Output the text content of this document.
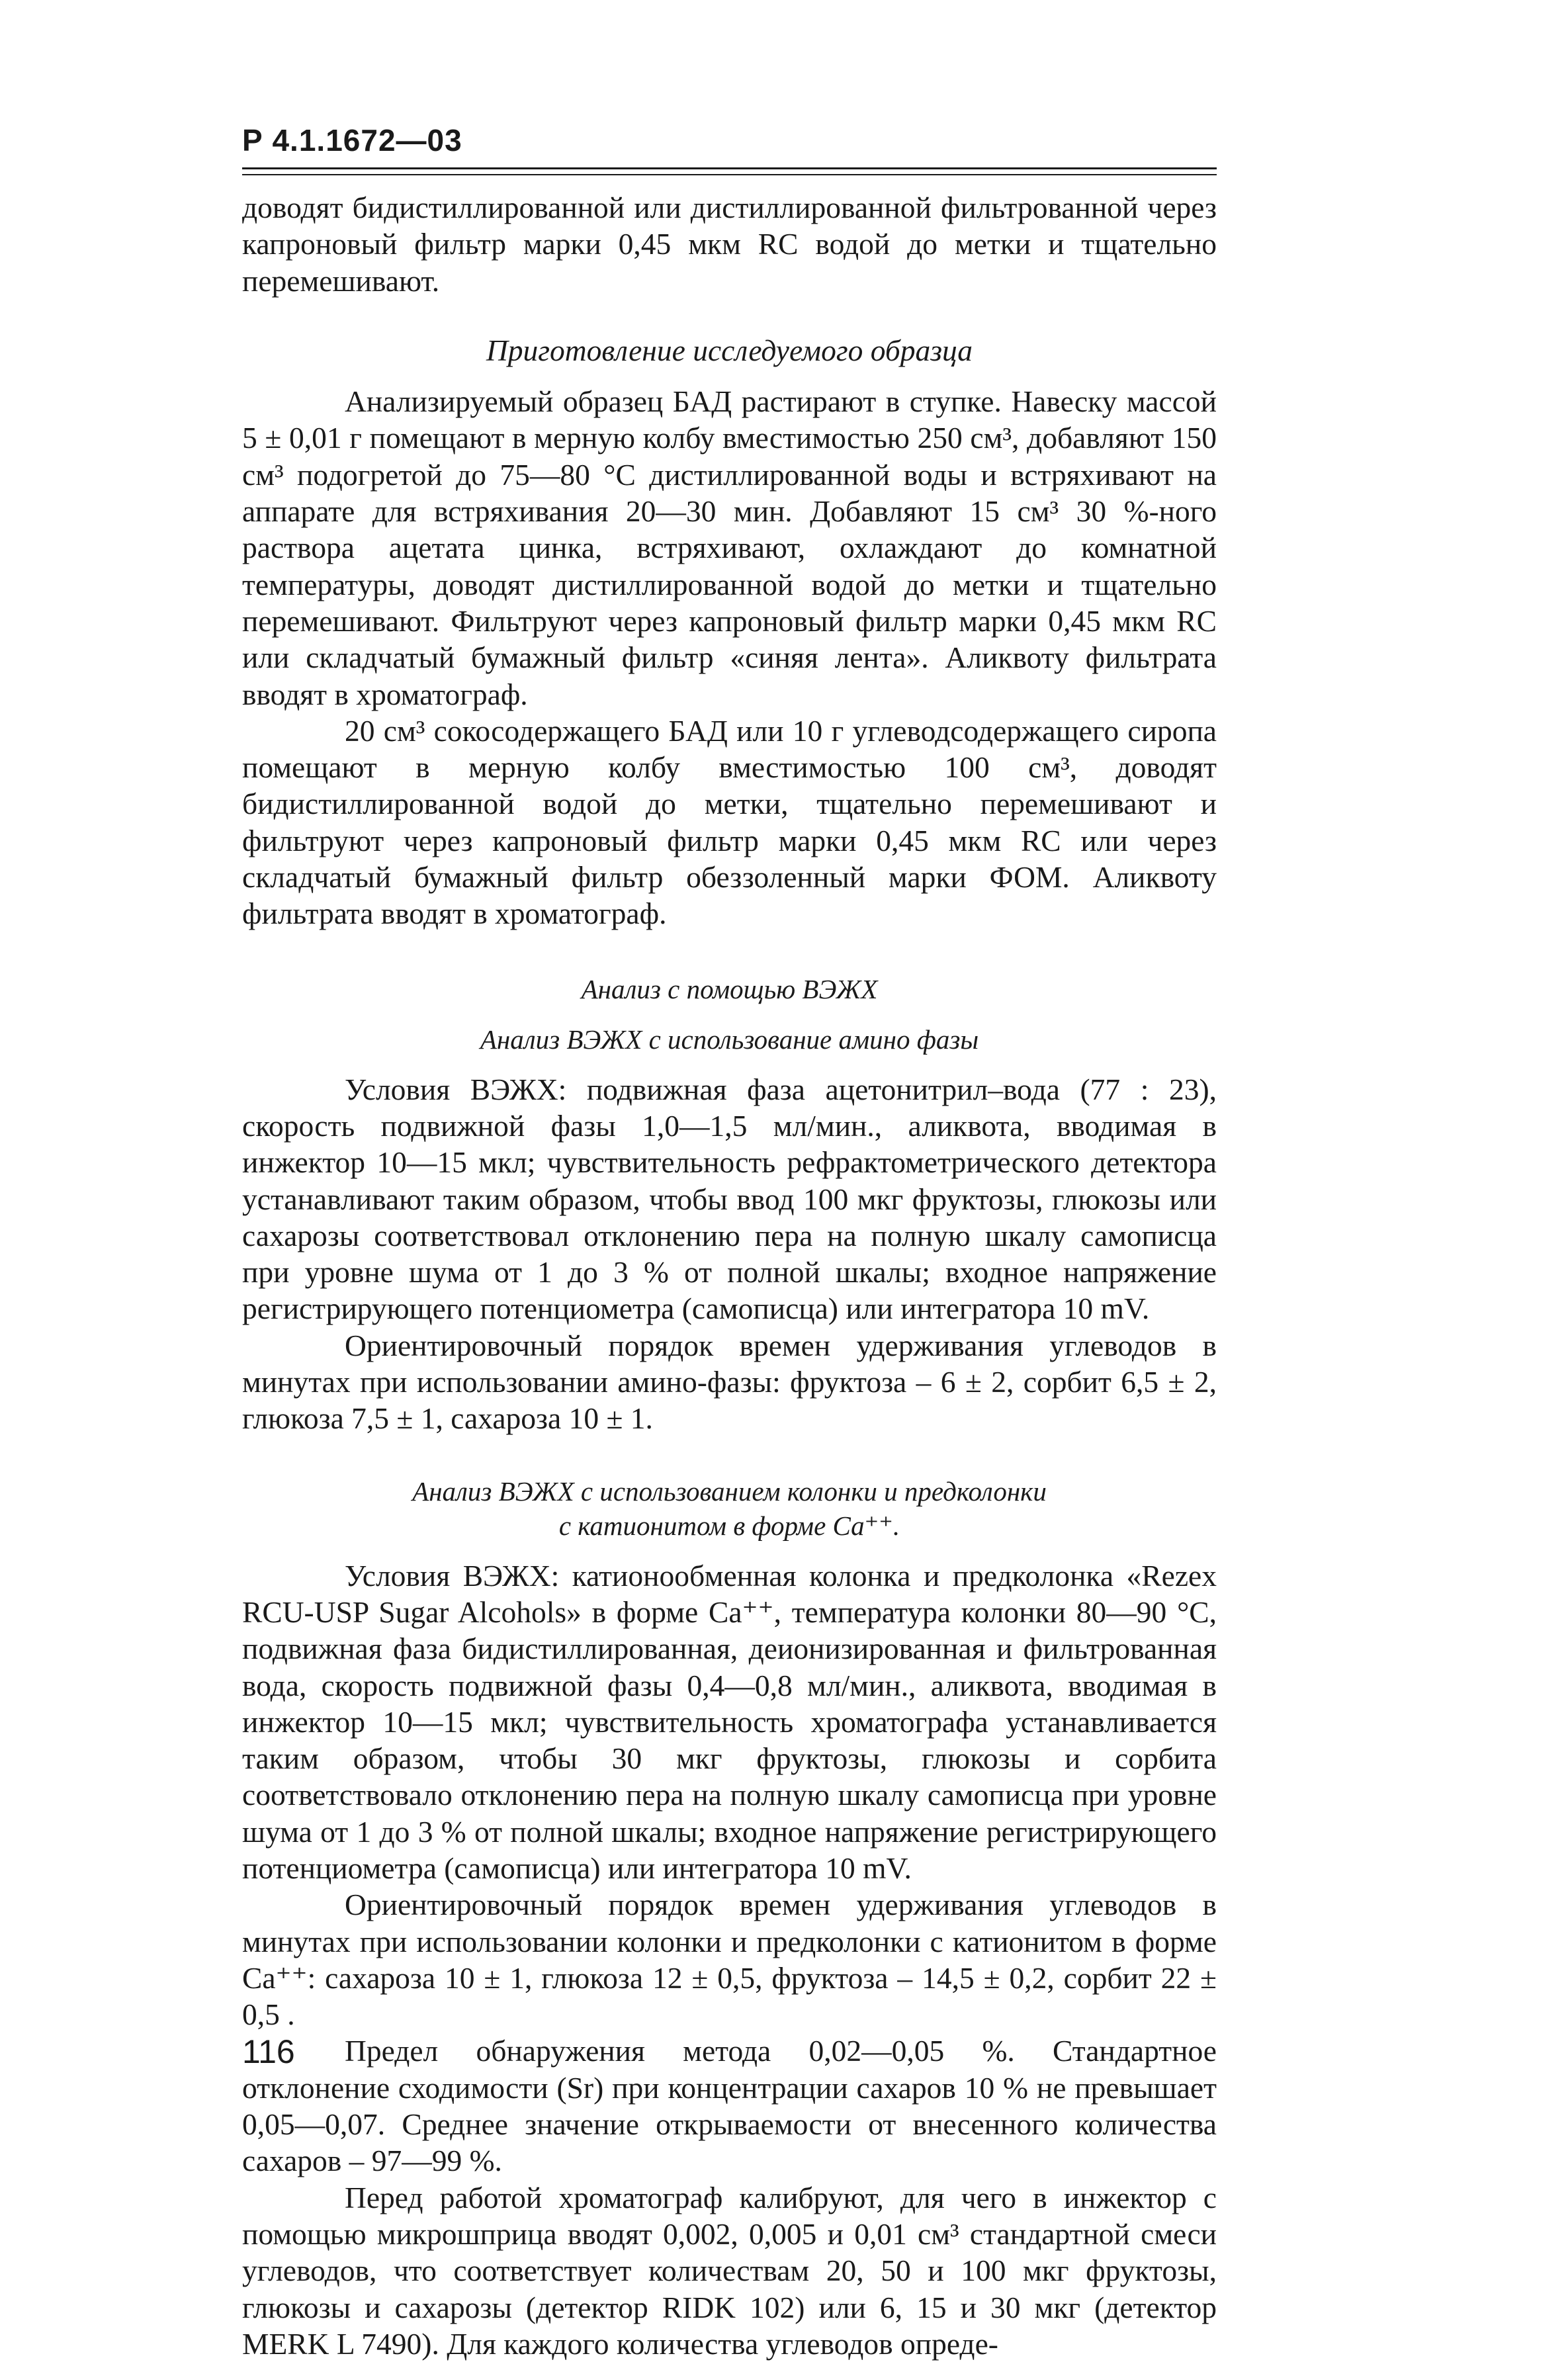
Р 4.1.1672—03

доводят бидистиллированной или дистиллированной фильтрованной через капроновый фильтр марки 0,45 мкм RC водой до метки и тщательно перемешивают.

Приготовление исследуемого образца

Анализируемый образец БАД растирают в ступке. Навеску массой 5 ± 0,01 г помещают в мерную колбу вместимостью 250 см³, добавляют 150 см³ подогретой до 75—80 °С дистиллированной воды и встряхивают на аппарате для встряхивания 20—30 мин. Добавляют 15 см³ 30 %-ного раствора ацетата цинка, встряхивают, охлаждают до комнатной температуры, доводят дистиллированной водой до метки и тщательно перемешивают. Фильтруют через капроновый фильтр марки 0,45 мкм RC или складчатый бумажный фильтр «синяя лента». Аликвоту фильтрата вводят в хроматограф.

20 см³ сокосодержащего БАД или 10 г углеводсодержащего сиропа помещают в мерную колбу вместимостью 100 см³, доводят бидистиллированной водой до метки, тщательно перемешивают и фильтруют через капроновый фильтр марки 0,45 мкм RC или через складчатый бумажный фильтр обеззоленный марки ФОМ. Аликвоту фильтрата вводят в хроматограф.

Анализ с помощью ВЭЖХ
Анализ ВЭЖХ с использование амино фазы

Условия ВЭЖХ: подвижная фаза ацетонитрил–вода (77 : 23), скорость подвижной фазы 1,0—1,5 мл/мин., аликвота, вводимая в инжектор 10—15 мкл; чувствительность рефрактометрического детектора устанавливают таким образом, чтобы ввод 100 мкг фруктозы, глюкозы или сахарозы соответствовал отклонению пера на полную шкалу самописца при уровне шума от 1 до 3 % от полной шкалы; входное напряжение регистрирующего потенциометра (самописца) или интегратора 10 mV.

Ориентировочный порядок времен удерживания углеводов в минутах при использовании амино-фазы: фруктоза – 6 ± 2, сорбит 6,5 ± 2, глюкоза 7,5 ± 1, сахароза 10 ± 1.

Анализ ВЭЖХ с использованием колонки и предколонки
с катионитом в форме Са⁺⁺.

Условия ВЭЖХ: катионообменная колонка и предколонка «Rezex RCU-USP Sugar Alcohols» в форме Са⁺⁺, температура колонки 80—90 °С, подвижная фаза бидистиллированная, деионизированная и фильтрованная вода, скорость подвижной фазы 0,4—0,8 мл/мин., аликвота, вводимая в инжектор 10—15 мкл; чувствительность хроматографа устанавливается таким образом, чтобы 30 мкг фруктозы, глюкозы и сорбита соответствовало отклонению пера на полную шкалу самописца при уровне шума от 1 до 3 % от полной шкалы; входное напряжение регистрирующего потенциометра (самописца) или интегратора 10 mV.

Ориентировочный порядок времен удерживания углеводов в минутах при использовании колонки и предколонки с катионитом в форме Са⁺⁺: сахароза 10 ± 1, глюкоза 12 ± 0,5, фруктоза – 14,5 ± 0,2, сорбит 22 ± 0,5 .

Предел обнаружения метода 0,02—0,05 %. Стандартное отклонение сходимости (Sr) при концентрации сахаров 10 % не превышает 0,05—0,07. Среднее значение открываемости от внесенного количества сахаров – 97—99 %.

Перед работой хроматограф калибруют, для чего в инжектор с помощью микрошприца вводят 0,002, 0,005 и 0,01 см³ стандартной смеси углеводов, что соответствует количествам 20, 50 и 100 мкг фруктозы, глюкозы и сахарозы (детектор RIDK 102) или 6, 15 и 30 мкг (детектор MERK L 7490). Для каждого количества углеводов опреде-

116
